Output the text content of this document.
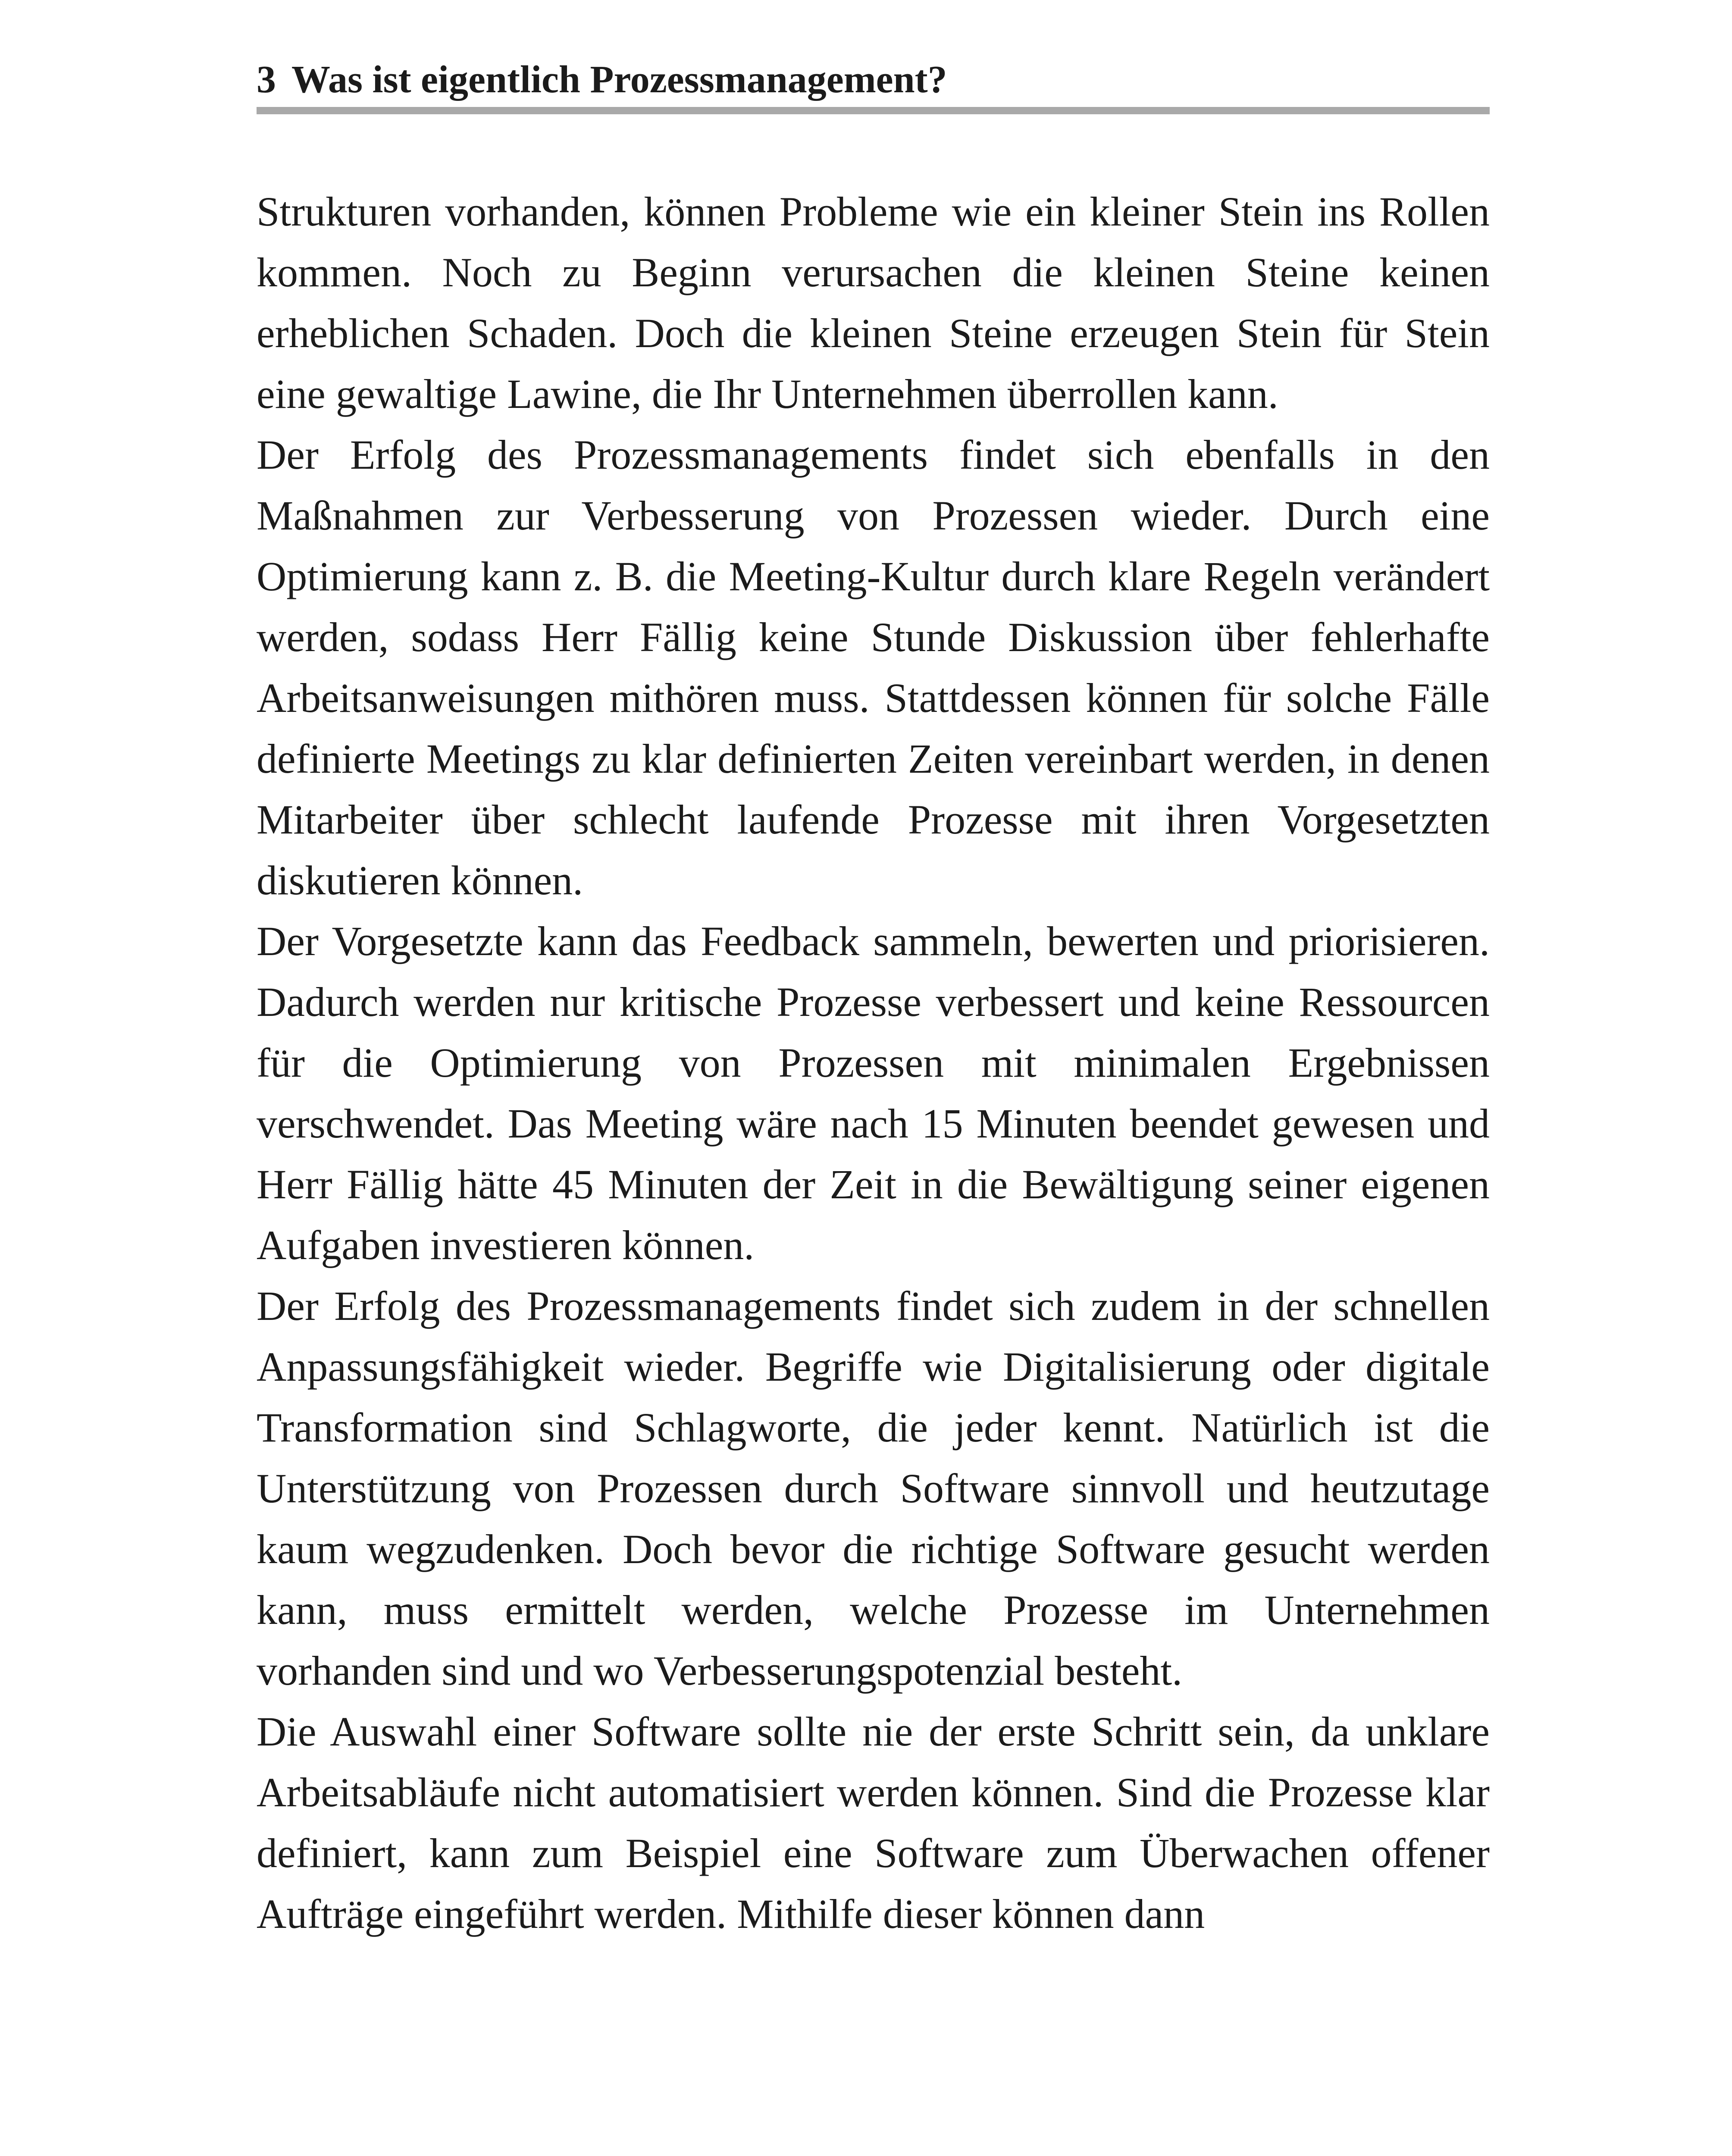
3 Was ist eigentlich Prozessmanagement?

Strukturen vorhanden, können Probleme wie ein kleiner Stein ins Rollen kommen. Noch zu Beginn verursachen die kleinen Steine keinen erheblichen Schaden. Doch die kleinen Steine erzeugen Stein für Stein eine gewaltige Lawine, die Ihr Unternehmen überrollen kann.

Der Erfolg des Prozessmanagements findet sich ebenfalls in den Maßnahmen zur Verbesserung von Prozessen wieder. Durch eine Optimierung kann z. B. die Meeting-Kultur durch klare Regeln verändert werden, sodass Herr Fällig keine Stunde Diskussion über fehlerhafte Arbeitsanweisungen mithören muss. Stattdessen können für solche Fälle definierte Meetings zu klar definierten Zeiten vereinbart werden, in denen Mitarbeiter über schlecht laufende Prozesse mit ihren Vorgesetzten diskutieren können.

Der Vorgesetzte kann das Feedback sammeln, bewerten und priorisieren. Dadurch werden nur kritische Prozesse verbessert und keine Ressourcen für die Optimierung von Prozessen mit minimalen Ergebnissen verschwendet. Das Meeting wäre nach 15 Minuten beendet gewesen und Herr Fällig hätte 45 Minuten der Zeit in die Bewältigung seiner eigenen Aufgaben investieren können.

Der Erfolg des Prozessmanagements findet sich zudem in der schnellen Anpassungsfähigkeit wieder. Begriffe wie Digitalisierung oder digitale Transformation sind Schlagworte, die jeder kennt. Natürlich ist die Unterstützung von Prozessen durch Software sinnvoll und heutzutage kaum wegzudenken. Doch bevor die richtige Software gesucht werden kann, muss ermittelt werden, welche Prozesse im Unternehmen vorhanden sind und wo Verbesserungspotenzial besteht.

Die Auswahl einer Software sollte nie der erste Schritt sein, da unklare Arbeitsabläufe nicht automatisiert werden können. Sind die Prozesse klar definiert, kann zum Beispiel eine Software zum Überwachen offener Aufträge eingeführt werden. Mithilfe dieser können dann
